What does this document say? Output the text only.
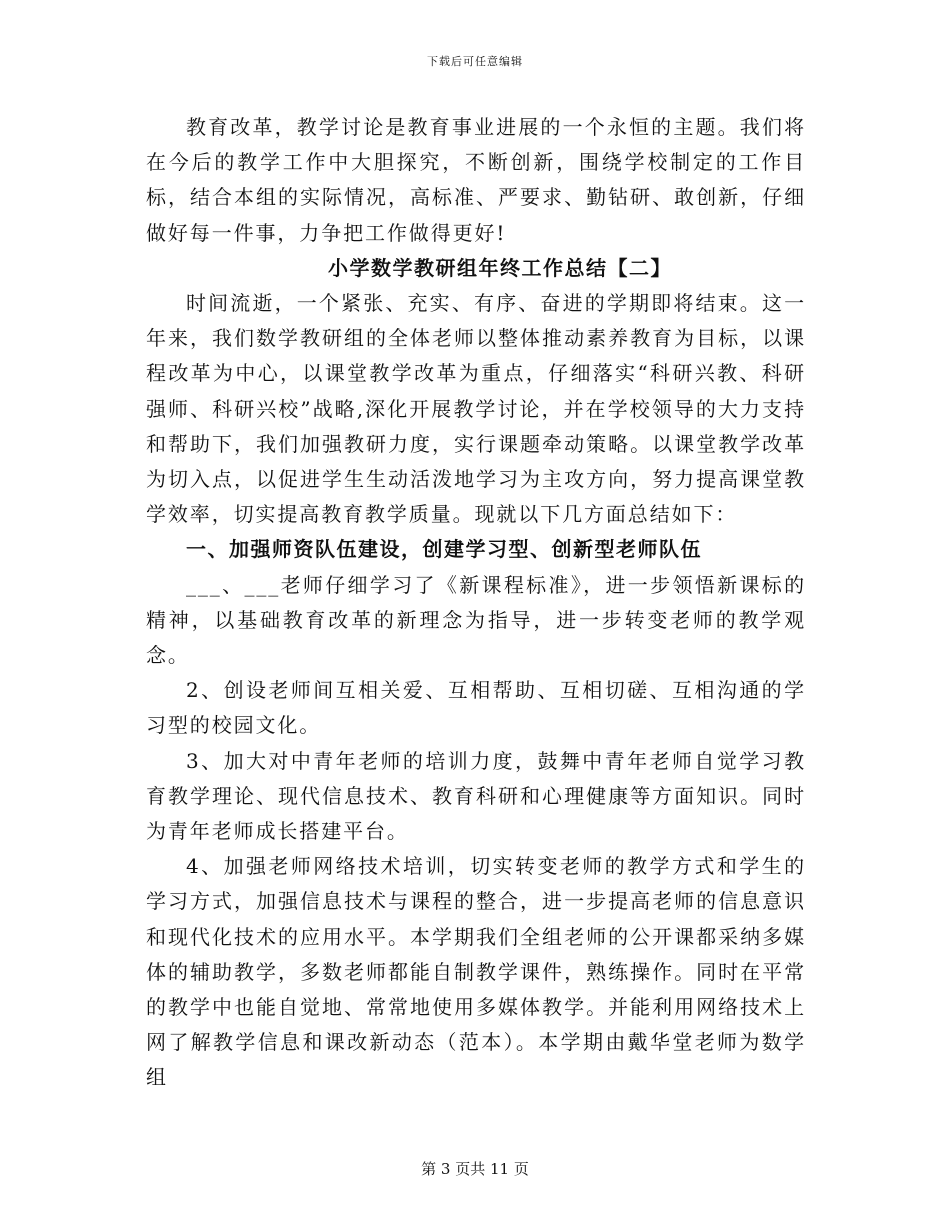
下载后可任意编辑

教育改革，教学讨论是教育事业进展的一个永恒的主题。我们将在今后的教学工作中大胆探究，不断创新，围绕学校制定的工作目标，结合本组的实际情况，高标准、严要求、勤钻研、敢创新，仔细做好每一件事，力争把工作做得更好!

小学数学教研组年终工作总结【二】

时间流逝，一个紧张、充实、有序、奋进的学期即将结束。这一年来，我们数学教研组的全体老师以整体推动素养教育为目标，以课程改革为中心，以课堂教学改革为重点，仔细落实“科研兴教、科研强师、科研兴校”战略,深化开展教学讨论，并在学校领导的大力支持和帮助下，我们加强教研力度，实行课题牵动策略。以课堂教学改革为切入点，以促进学生生动活泼地学习为主攻方向，努力提高课堂教学效率，切实提高教育教学质量。现就以下几方面总结如下：

一、加强师资队伍建设，创建学习型、创新型老师队伍

___、___老师仔细学习了《新课程标准》，进一步领悟新课标的精神，以基础教育改革的新理念为指导，进一步转变老师的教学观念。

2、创设老师间互相关爱、互相帮助、互相切磋、互相沟通的学习型的校园文化。

3、加大对中青年老师的培训力度，鼓舞中青年老师自觉学习教育教学理论、现代信息技术、教育科研和心理健康等方面知识。同时为青年老师成长搭建平台。

4、加强老师网络技术培训，切实转变老师的教学方式和学生的学习方式，加强信息技术与课程的整合，进一步提高老师的信息意识和现代化技术的应用水平。本学期我们全组老师的公开课都采纳多媒体的辅助教学，多数老师都能自制教学课件，熟练操作。同时在平常的教学中也能自觉地、常常地使用多媒体教学。并能利用网络技术上网了解教学信息和课改新动态（范本）。本学期由戴华堂老师为数学组

第 3 页共 11 页
